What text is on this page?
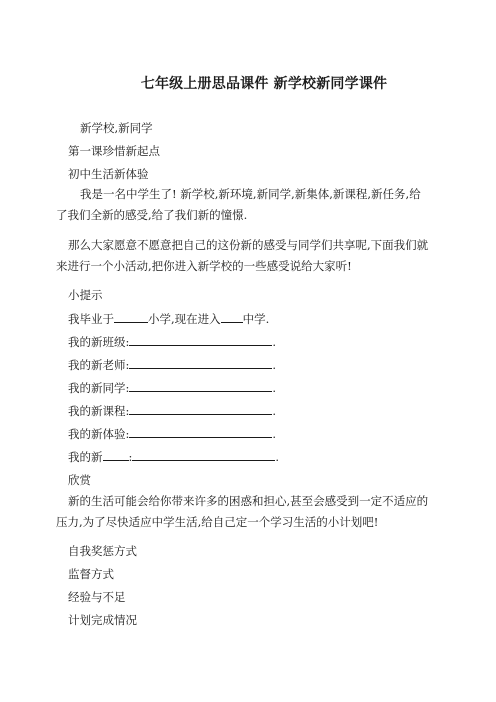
七年级上册思品课件 新学校新同学课件
新学校,新同学
第一课珍惜新起点
初中生活新体验
我是一名中学生了! 新学校,新环境,新同学,新集体,新课程,新任务,给了我们全新的感受,给了我们新的憧憬.
那么大家愿意不愿意把自己的这份新的感受与同学们共享呢,下面我们就来进行一个小活动,把你进入新学校的一些感受说给大家听!
小提示
我毕业于	小学,现在进入 中学.
我的新班级:	.
我的新老师:	.
我的新同学:	.
我的新课程:	.
我的新体验:	.
我的新 :	.
欣赏
新的生活可能会给你带来许多的困惑和担心,甚至会感受到一定不适应的压力,为了尽快适应中学生活,给自己定一个学习生活的小计划吧!
自我奖惩方式
监督方式
经验与不足
计划完成情况
